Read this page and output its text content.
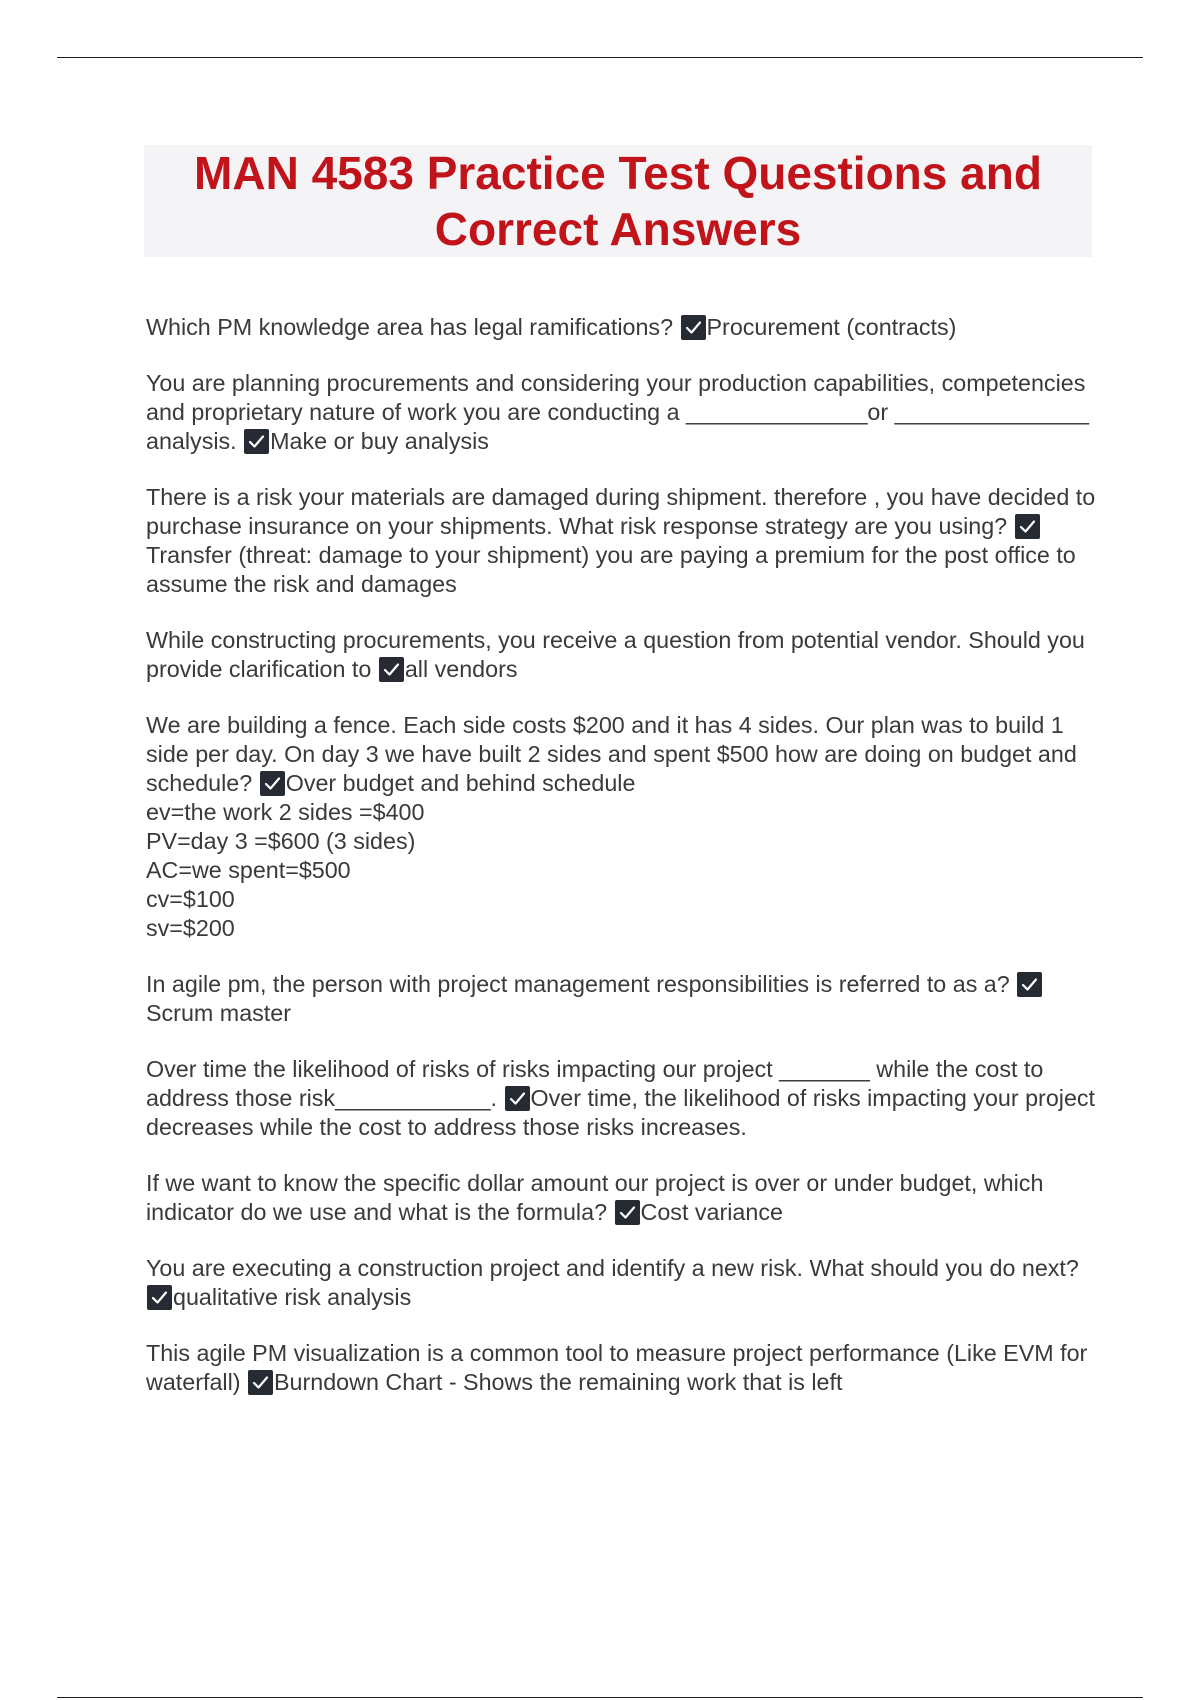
MAN 4583 Practice Test Questions and Correct Answers

Which PM knowledge area has legal ramifications? Procurement (contracts)

You are planning procurements and considering your production capabilities, competencies and proprietary nature of work you are conducting a ______________or _______________ analysis. Make or buy analysis

There is a risk your materials are damaged during shipment. therefore , you have decided to purchase insurance on your shipments. What risk response strategy are you using?
Transfer (threat: damage to your shipment) you are paying a premium for the post office to assume the risk and damages

While constructing procurements, you receive a question from potential vendor. Should you provide clarification to all vendors

We are building a fence. Each side costs $200 and it has 4 sides. Our plan was to build 1 side per day. On day 3 we have built 2 sides and spent $500 how are doing on budget and schedule? Over budget and behind schedule
ev=the work 2 sides =$400
PV=day 3 =$600 (3 sides)
AC=we spent=$500
cv=$100
sv=$200

In agile pm, the person with project management responsibilities is referred to as a?
Scrum master

Over time the likelihood of risks of risks impacting our project _______ while the cost to address those risk____________. Over time, the likelihood of risks impacting your project decreases while the cost to address those risks increases.

If we want to know the specific dollar amount our project is over or under budget, which indicator do we use and what is the formula? Cost variance

You are executing a construction project and identify a new risk. What should you do next?
qualitative risk analysis

This agile PM visualization is a common tool to measure project performance (Like EVM for waterfall) Burndown Chart - Shows the remaining work that is left
